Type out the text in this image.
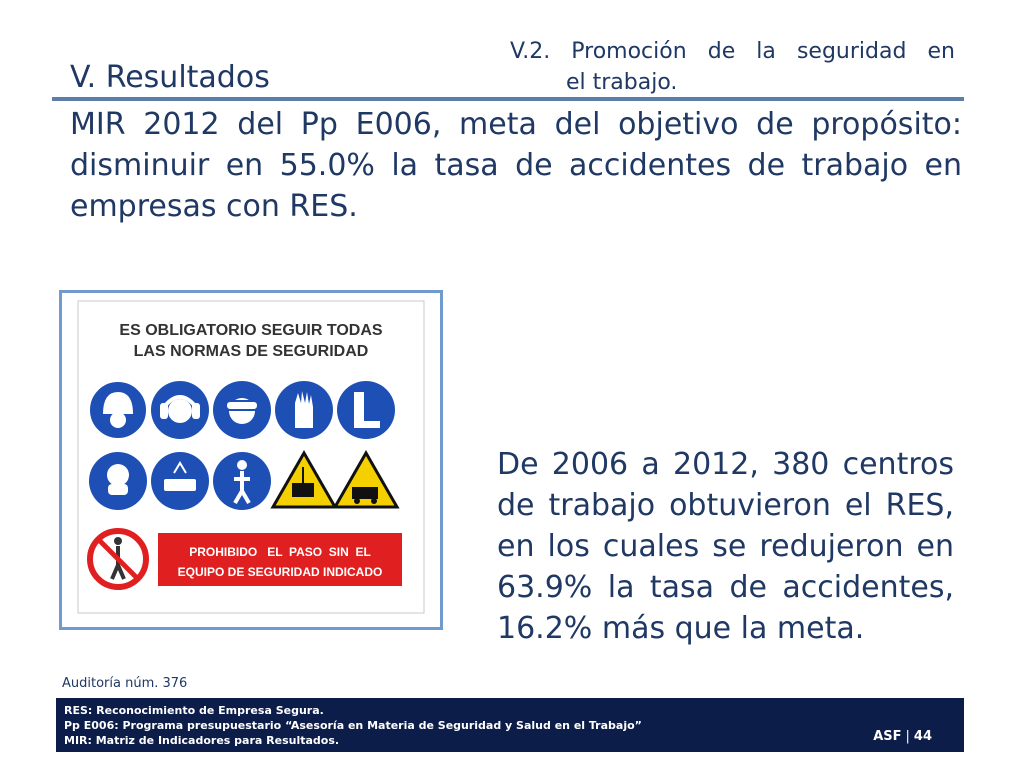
V. Resultados
V.2. Promoción de la seguridad en
el trabajo.
MIR 2012 del Pp E006, meta del objetivo de propósito: disminuir en 55.0% la tasa de accidentes de trabajo en empresas con RES.
ES OBLIGATORIO SEGUIR TODAS
LAS NORMAS DE SEGURIDAD
PROHIBIDO   EL  PASO  SIN  EL
EQUIPO DE SEGURIDAD INDICADO
De 2006 a 2012, 380 centros de trabajo obtuvieron el RES, en los cuales se redujeron en 63.9% la tasa de accidentes, 16.2% más que la meta.
Auditoría núm. 376
RES: Reconocimiento de Empresa Segura.
Pp E006: Programa presupuestario “Asesoría en Materia de Seguridad y Salud en el Trabajo”
MIR: Matriz de Indicadores para Resultados.	ASF | 44
